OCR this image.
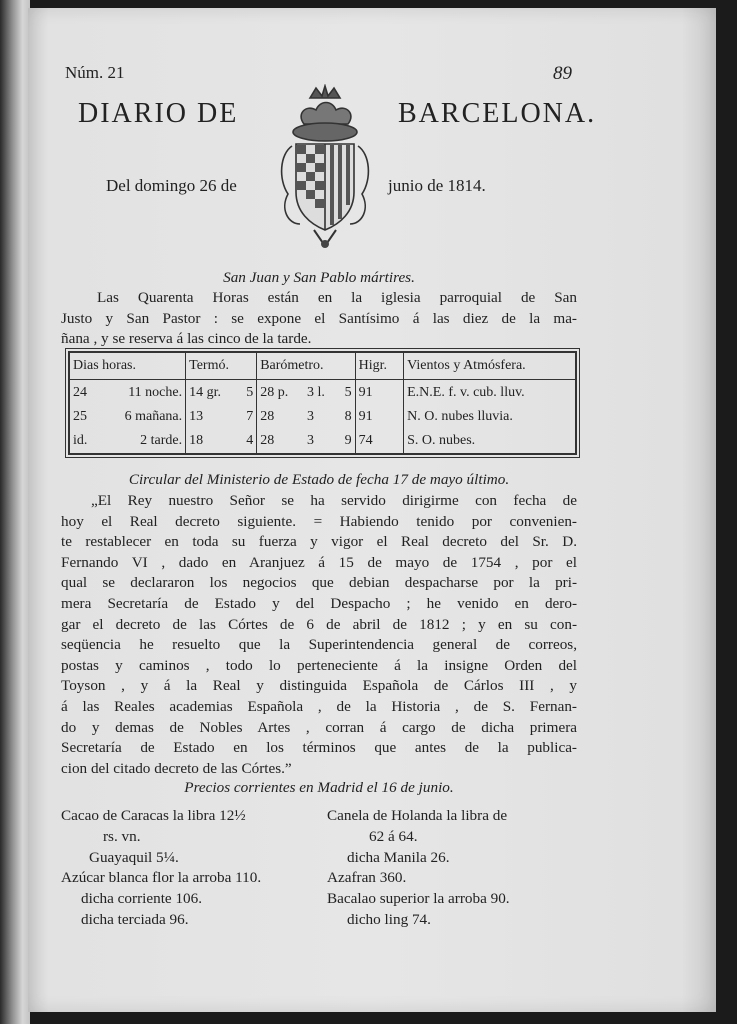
Núm. 21	89
DIARIO DE	BARCELONA.
Del domingo 26 de	junio de 1814.
San Juan y San Pablo mártires.
Las Quarenta Horas están en la iglesia parroquial de San
Justo y San Pastor : se expone el Santísimo á las diez de la ma-
ñana , y se reserva á las cinco de la tarde.
Dias horas.		Termó.		Barómetro.			Higr.	Vientos y Atmósfera.
24	11 noche.	14 gr.	5	28 p.	3 l.	5	91	E.N.E. f. v. cub. lluv.
25	6 mañana.	13	7	28	3	8	91	N. O. nubes lluvia.
id.	2 tarde.	18	4	28	3	9	74	S. O. nubes.
Circular del Ministerio de Estado de fecha 17 de mayo último.
„El Rey nuestro Señor se ha servido dirigirme con fecha de
hoy el Real decreto siguiente. = Habiendo tenido por convenien-
te restablecer en toda su fuerza y vigor el Real decreto del Sr. D.
Fernando VI , dado en Aranjuez á 15 de mayo de 1754 , por el
qual se declararon los negocios que debian despacharse por la pri-
mera Secretaría de Estado y del Despacho ; he venido en dero-
gar el decreto de las Córtes de 6 de abril de 1812 ; y en su con-
seqüencia he resuelto que la Superintendencia general de correos,
postas y caminos , todo lo perteneciente á la insigne Orden del
Toyson , y á la Real y distinguida Española de Cárlos III , y
á las Reales academias Española , de la Historia , de S. Fernan-
do y demas de Nobles Artes , corran á cargo de dicha primera
Secretaría de Estado en los términos que antes de la publica-
cion del citado decreto de las Córtes.”
Precios corrientes en Madrid el 16 de junio.
Cacao de Caracas la libra 12½
rs. vn.
Guayaquil 5¼.
Azúcar blanca flor la arroba 110.
dicha corriente 106.
dicha terciada 96.
Canela de Holanda la libra de
62 á 64.
dicha Manila 26.
Azafran 360.
Bacalao superior la arroba 90.
dicho ling 74.
